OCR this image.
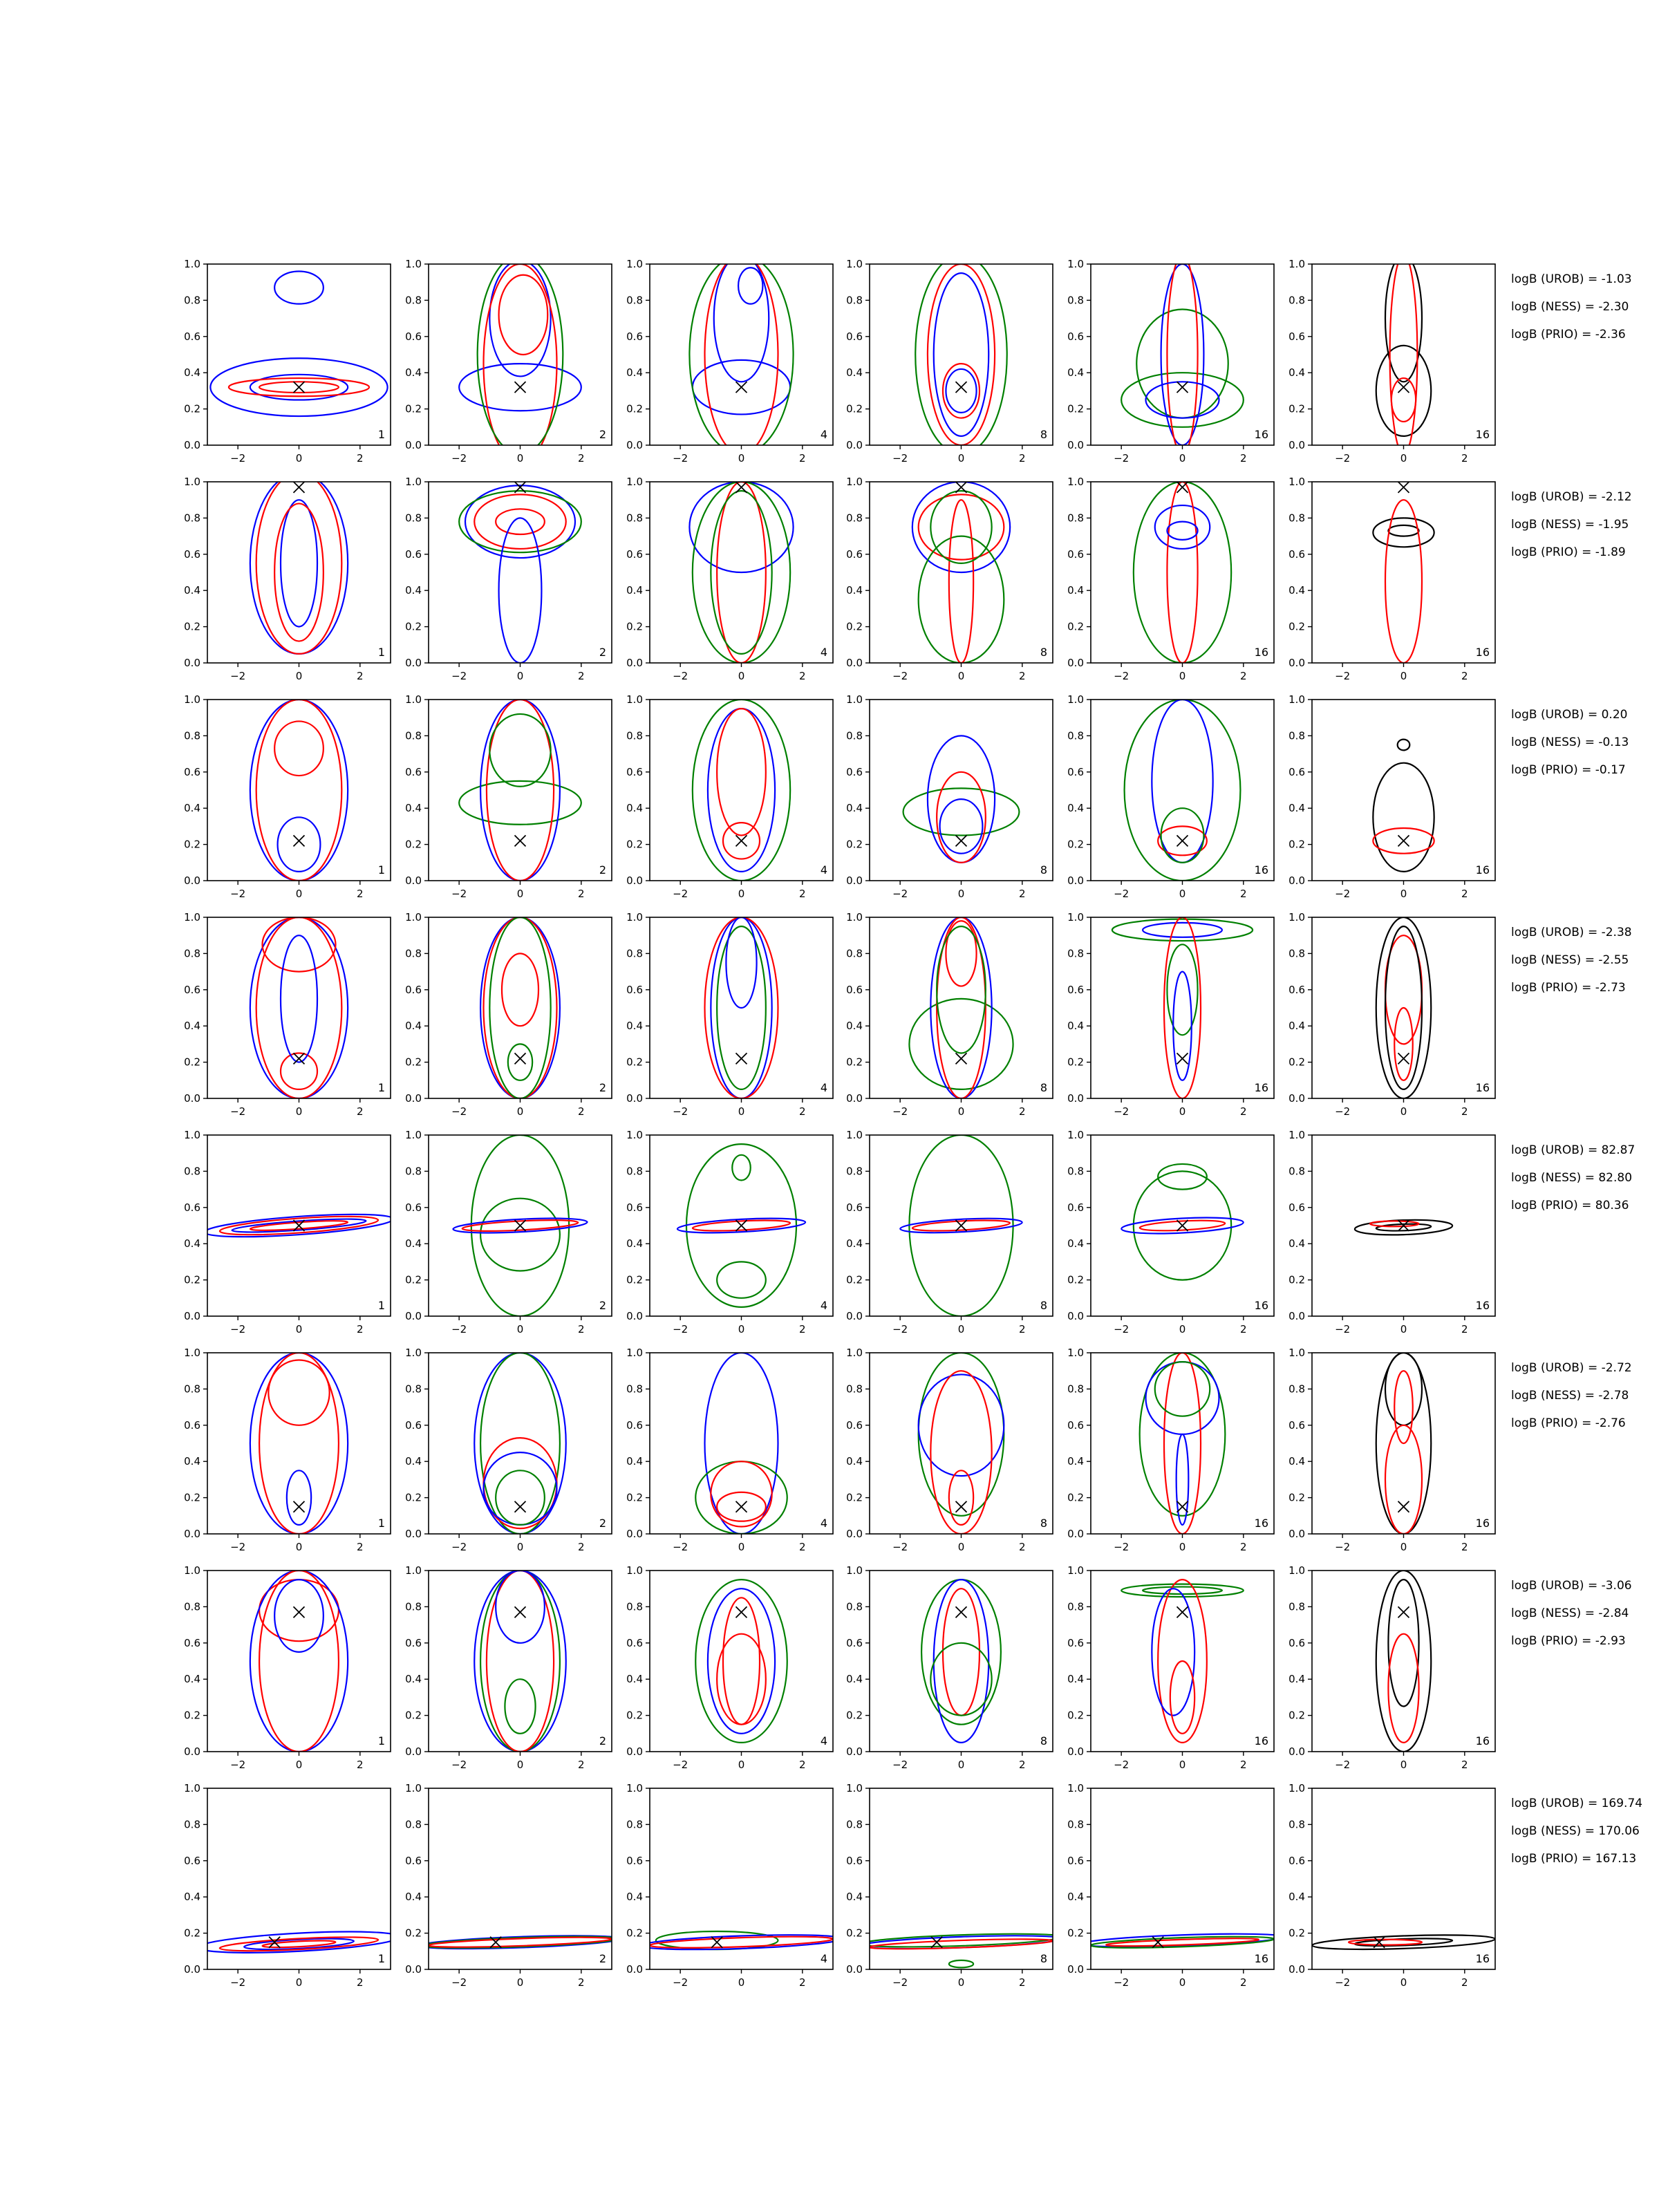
−2	0	2
0.0
0.2
0.4
0.6
0.8
1.0
1
−2	0	2
0.0
0.2
0.4
0.6
0.8
1.0
2
−2	0	2
0.0
0.2
0.4
0.6
0.8
1.0
4
−2	0	2
0.0
0.2
0.4
0.6
0.8
1.0
8
−2	0	2
0.0
0.2
0.4
0.6
0.8
1.0
16
−2	0	2
0.0
0.2
0.4
0.6
0.8
1.0
16
−2	0	2
0.0
0.2
0.4
0.6
0.8
1.0
1
−2	0	2
0.0
0.2
0.4
0.6
0.8
1.0
2
−2	0	2
0.0
0.2
0.4
0.6
0.8
1.0
4
−2	0	2
0.0
0.2
0.4
0.6
0.8
1.0
8
−2	0	2
0.0
0.2
0.4
0.6
0.8
1.0
16
−2	0	2
0.0
0.2
0.4
0.6
0.8
1.0
16
−2	0	2
0.0
0.2
0.4
0.6
0.8
1.0
1
−2	0	2
0.0
0.2
0.4
0.6
0.8
1.0
2
−2	0	2
0.0
0.2
0.4
0.6
0.8
1.0
4
−2	0	2
0.0
0.2
0.4
0.6
0.8
1.0
8
−2	0	2
0.0
0.2
0.4
0.6
0.8
1.0
16
−2	0	2
0.0
0.2
0.4
0.6
0.8
1.0
16
−2	0	2
0.0
0.2
0.4
0.6
0.8
1.0
1
−2	0	2
0.0
0.2
0.4
0.6
0.8
1.0
2
−2	0	2
0.0
0.2
0.4
0.6
0.8
1.0
4
−2	0	2
0.0
0.2
0.4
0.6
0.8
1.0
8
−2	0	2
0.0
0.2
0.4
0.6
0.8
1.0
16
−2	0	2
0.0
0.2
0.4
0.6
0.8
1.0
16
−2	0	2
0.0
0.2
0.4
0.6
0.8
1.0
1
−2	0	2
0.0
0.2
0.4
0.6
0.8
1.0
2
−2	0	2
0.0
0.2
0.4
0.6
0.8
1.0
4
−2	0	2
0.0
0.2
0.4
0.6
0.8
1.0
8
−2	0	2
0.0
0.2
0.4
0.6
0.8
1.0
16
−2	0	2
0.0
0.2
0.4
0.6
0.8
1.0
16
−2	0	2
0.0
0.2
0.4
0.6
0.8
1.0
1
−2	0	2
0.0
0.2
0.4
0.6
0.8
1.0
2
−2	0	2
0.0
0.2
0.4
0.6
0.8
1.0
4
−2	0	2
0.0
0.2
0.4
0.6
0.8
1.0
8
−2	0	2
0.0
0.2
0.4
0.6
0.8
1.0
16
−2	0	2
0.0
0.2
0.4
0.6
0.8
1.0
16
−2	0	2
0.0
0.2
0.4
0.6
0.8
1.0
1
−2	0	2
0.0
0.2
0.4
0.6
0.8
1.0
2
−2	0	2
0.0
0.2
0.4
0.6
0.8
1.0
4
−2	0	2
0.0
0.2
0.4
0.6
0.8
1.0
8
−2	0	2
0.0
0.2
0.4
0.6
0.8
1.0
16
−2	0	2
0.0
0.2
0.4
0.6
0.8
1.0
16
−2	0	2
0.0
0.2
0.4
0.6
0.8
1.0
1
−2	0	2
0.0
0.2
0.4
0.6
0.8
1.0
2
−2	0	2
0.0
0.2
0.4
0.6
0.8
1.0
4
−2	0	2
0.0
0.2
0.4
0.6
0.8
1.0
8
−2	0	2
0.0
0.2
0.4
0.6
0.8
1.0
16
−2	0	2
0.0
0.2
0.4
0.6
0.8
1.0
16
logB (UROB) = -1.03
logB (NESS) = -2.30
logB (PRIO) = -2.36
logB (UROB) = -2.12
logB (NESS) = -1.95
logB (PRIO) = -1.89
logB (UROB) = 0.20
logB (NESS) = -0.13
logB (PRIO) = -0.17
logB (UROB) = -2.38
logB (NESS) = -2.55
logB (PRIO) = -2.73
logB (UROB) = 82.87
logB (NESS) = 82.80
logB (PRIO) = 80.36
logB (UROB) = -2.72
logB (NESS) = -2.78
logB (PRIO) = -2.76
logB (UROB) = -3.06
logB (NESS) = -2.84
logB (PRIO) = -2.93
logB (UROB) = 169.74
logB (NESS) = 170.06
logB (PRIO) = 167.13
